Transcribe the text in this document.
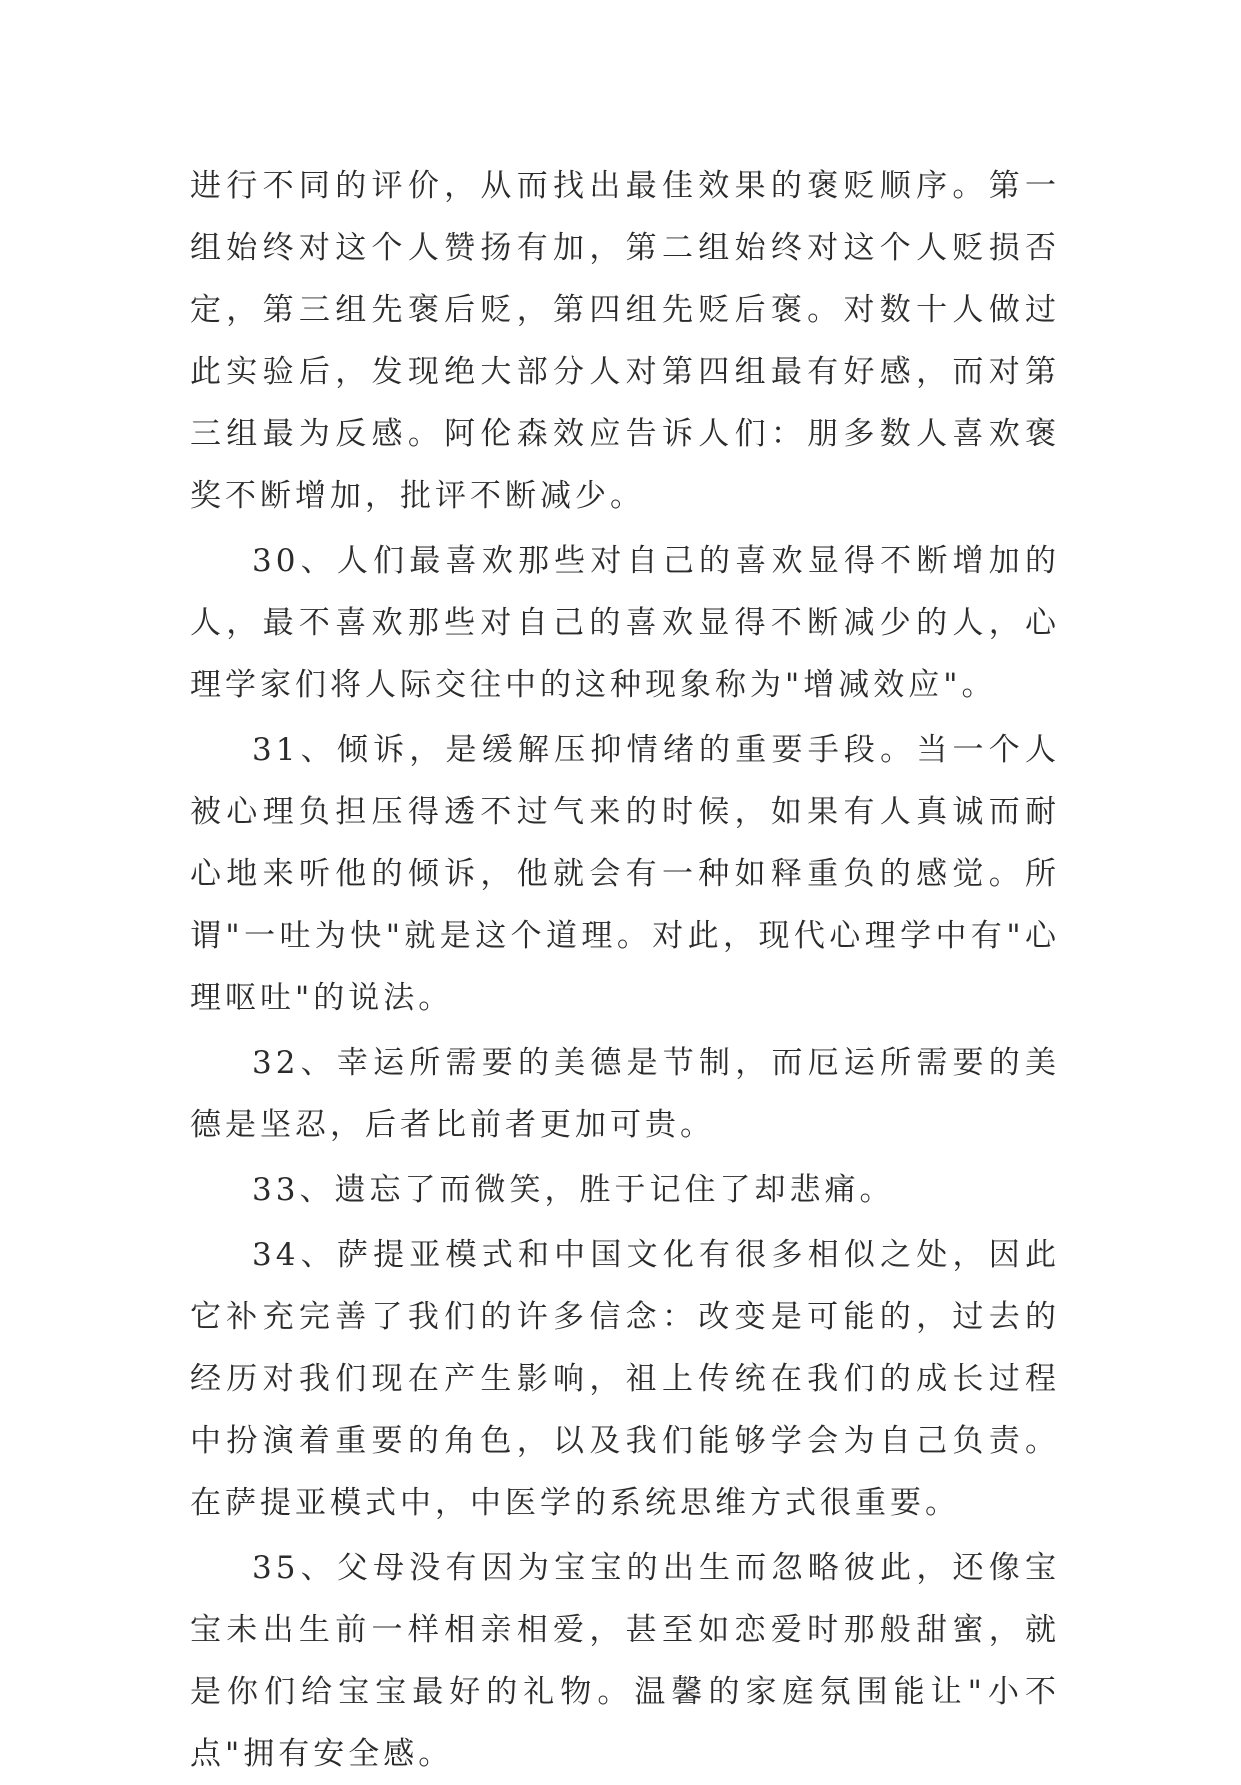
进行不同的评价，从而找出最佳效果的褒贬顺序。第一组始终对这个人赞扬有加，第二组始终对这个人贬损否定，第三组先褒后贬，第四组先贬后褒。对数十人做过此实验后，发现绝大部分人对第四组最有好感，而对第三组最为反感。阿伦森效应告诉人们：朋多数人喜欢褒奖不断增加，批评不断减少。

30、人们最喜欢那些对自己的喜欢显得不断增加的人，最不喜欢那些对自己的喜欢显得不断减少的人，心理学家们将人际交往中的这种现象称为"增减效应"。

31、倾诉，是缓解压抑情绪的重要手段。当一个人被心理负担压得透不过气来的时候，如果有人真诚而耐心地来听他的倾诉，他就会有一种如释重负的感觉。所谓"一吐为快"就是这个道理。对此，现代心理学中有"心理呕吐"的说法。

32、幸运所需要的美德是节制，而厄运所需要的美德是坚忍，后者比前者更加可贵。

33、遗忘了而微笑，胜于记住了却悲痛。

34、萨提亚模式和中国文化有很多相似之处，因此它补充完善了我们的许多信念：改变是可能的，过去的经历对我们现在产生影响，祖上传统在我们的成长过程中扮演着重要的角色，以及我们能够学会为自己负责。在萨提亚模式中，中医学的系统思维方式很重要。

35、父母没有因为宝宝的出生而忽略彼此，还像宝宝未出生前一样相亲相爱，甚至如恋爱时那般甜蜜，就是你们给宝宝最好的礼物。温馨的家庭氛围能让"小不点"拥有安全感。
